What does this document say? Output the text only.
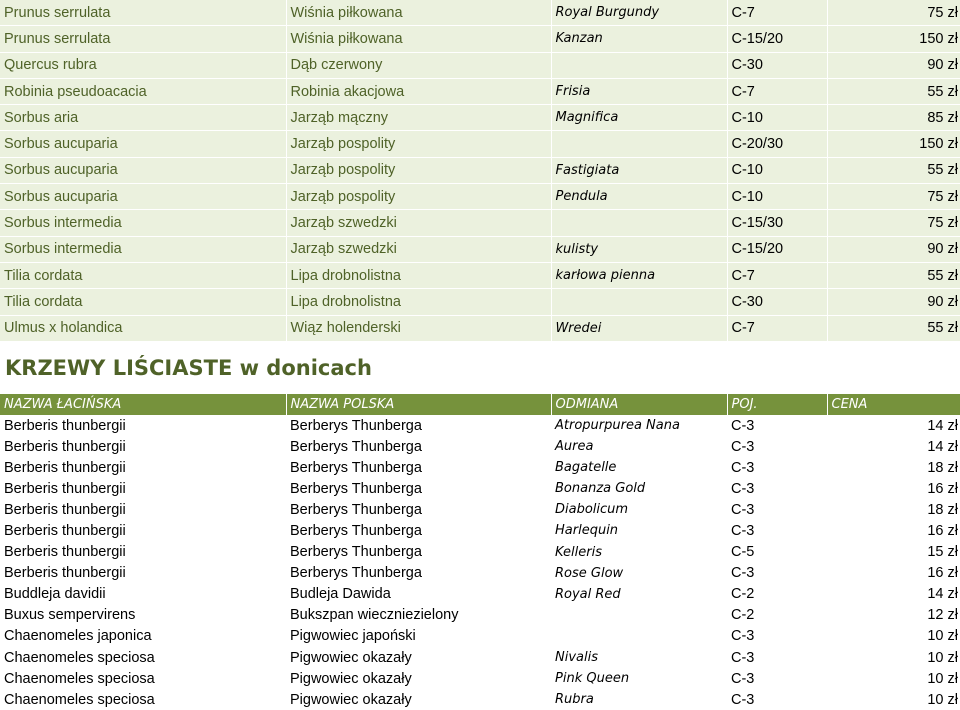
Prunus serrulata	Wiśnia piłkowana	Royal Burgundy	C-7	75 zł
Prunus serrulata	Wiśnia piłkowana	Kanzan	C-15/20	150 zł
Quercus rubra	Dąb czerwony		C-30	90 zł
Robinia pseudoacacia	Robinia akacjowa	Frisia	C-7	55 zł
Sorbus aria	Jarząb mączny	Magnifica	C-10	85 zł
Sorbus aucuparia	Jarząb pospolity		C-20/30	150 zł
Sorbus aucuparia	Jarząb pospolity	Fastigiata	C-10	55 zł
Sorbus aucuparia	Jarząb pospolity	Pendula	C-10	75 zł
Sorbus intermedia	Jarząb szwedzki		C-15/30	75 zł
Sorbus intermedia	Jarząb szwedzki	kulisty	C-15/20	90 zł
Tilia cordata	Lipa drobnolistna	karłowa pienna	C-7	55 zł
Tilia cordata	Lipa drobnolistna		C-30	90 zł
Ulmus x holandica	Wiąz holenderski	Wredei	C-7	55 zł
KRZEWY LIŚCIASTE w donicach
NAZWA ŁACIŃSKA	NAZWA POLSKA	ODMIANA	POJ.	CENA
Berberis thunbergii	Berberys Thunberga	Atropurpurea Nana	C-3	14 zł
Berberis thunbergii	Berberys Thunberga	Aurea	C-3	14 zł
Berberis thunbergii	Berberys Thunberga	Bagatelle	C-3	18 zł
Berberis thunbergii	Berberys Thunberga	Bonanza Gold	C-3	16 zł
Berberis thunbergii	Berberys Thunberga	Diabolicum	C-3	18 zł
Berberis thunbergii	Berberys Thunberga	Harlequin	C-3	16 zł
Berberis thunbergii	Berberys Thunberga	Kelleris	C-5	15 zł
Berberis thunbergii	Berberys Thunberga	Rose Glow	C-3	16 zł
Buddleja davidii	Budleja Dawida	Royal Red	C-2	14 zł
Buxus sempervirens	Bukszpan wieczniezielony		C-2	12 zł
Chaenomeles japonica	Pigwowiec japoński		C-3	10 zł
Chaenomeles speciosa	Pigwowiec okazały	Nivalis	C-3	10 zł
Chaenomeles speciosa	Pigwowiec okazały	Pink Queen	C-3	10 zł
Chaenomeles speciosa	Pigwowiec okazały	Rubra	C-3	10 zł
